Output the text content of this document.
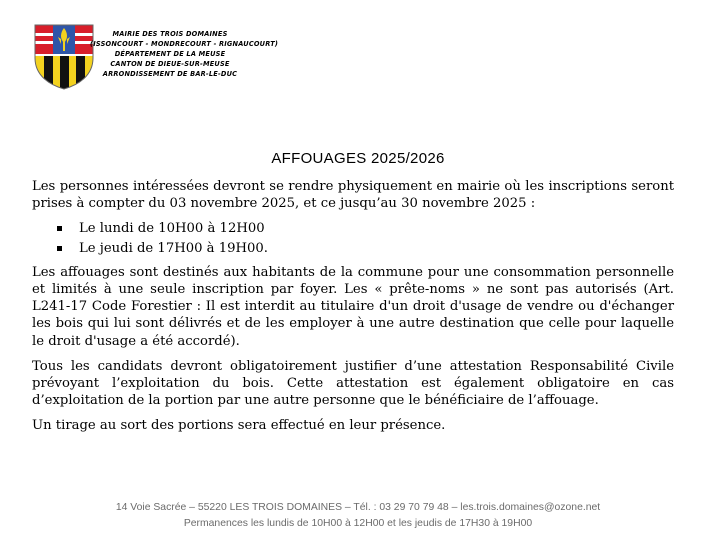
MAIRIE DES TROIS DOMAINES
(ISSONCOURT - MONDRECOURT - RIGNAUCOURT)
DÉPARTEMENT DE LA MEUSE
CANTON DE DIEUE-SUR-MEUSE
ARRONDISSEMENT DE BAR-LE-DUC
AFFOUAGES 2025/2026

Les personnes intéressées devront se rendre physiquement en mairie où les inscriptions seront prises à compter du 03 novembre 2025, et ce jusqu’au 30 novembre 2025 :

Le lundi de 10H00 à 12H00
Le jeudi de 17H00 à 19H00.

Les affouages sont destinés aux habitants de la commune pour une consommation personnelle et limités à une seule inscription par foyer. Les « prête-noms » ne sont pas autorisés (Art. L241-17 Code Forestier : Il est interdit au titulaire d'un droit d'usage de vendre ou d'échanger les bois qui lui sont délivrés et de les employer à une autre destination que celle pour laquelle le droit d'usage a été accordé).

Tous les candidats devront obligatoirement justifier d’une attestation Responsabilité Civile prévoyant l’exploitation du bois. Cette attestation est également obligatoire en cas d’exploitation de la portion par une autre personne que le bénéficiaire de l’affouage.

Un tirage au sort des portions sera effectué en leur présence.

14 Voie Sacrée – 55220 LES TROIS DOMAINES – Tél. : 03 29 70 79 48 – les.trois.domaines@ozone.net
Permanences les lundis de 10H00 à 12H00 et les jeudis de 17H30 à 19H00
